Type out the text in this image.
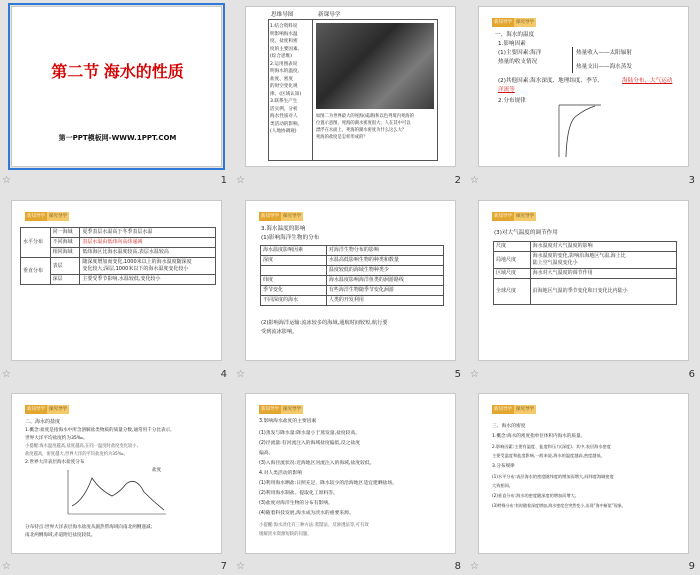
第二节 海水的性质
第一PPT模板网-WWW.1PPT.COM
☆	1
思维导图	新课导学
1.结合资料说
明影响海水温
度、盐度和密
度的主要因素。
(综合思维)
2.运用图表说
明海水的温度、
盐度、密度
的时空变化规
律。(区域认知)
3.联系生产生
活实例，分析
海水性质对人
类活动的影响。
(人地协调观)
如图二为世界最大的死海(咸湖)和以色列境内死海的
位置示意图，死海的湖水密度很大，人在其中可以
漂浮在水面上，死海的湖水密度为什么这么大？
死海的盐度是怎样形成的？
☆	2
新知导学 探究导学
一、海水的温度
1.影响因素
(1)主要因素:海洋
热量的收支情况
热量收入——太阳辐射
热量支出——海水蒸发
(2)其他因素:海水深度、地理纬度、季节、	海陆分布、大气运动
洋流等
2.分布规律
☆	3
新知导学 探究导学
水平分布	同一海域	夏季表层水温高于冬季表层水温
	不同海域	表层水温由低纬向高纬递减
	相同海域	低纬海区比海水温度较高,表层水温较高
垂直分布	表层	随深度增加而变化,1000米以上的海水温度随深度
变化较大;深层,1000米以下的海水温度变化较小
	深层	主要受季节影响,水温较低,变化较小
☆	4
新知导学 探究导学
3.海水温度的影响
(1)影响海洋生物的分布
海水温度影响因素	对海洋生物分布的影响
深度	水温高低影响生物的种类和数量
	温度较低的海域生物种类少
纬度	海水温度影响海洋鱼类的洄游路线
季节变化	有些海洋生物随季节变化洄游
不同深度的海水	人类的开发利用
(2)影响海洋运输:流冰较多的海域,通航时间较短,航行要
受到流冰影响。
☆	5
新知导学 探究导学
(3)对大气温度的调节作用
尺度	海水温度对大气温度的影响
局地尺度	海水温度的变化,影响沿海地区气温,海上比
陆上空气温度变化小
区域尺度	海水对大气温度的调节作用
全球尺度	沿海地区气温的季节变化和日变化比内陆小
☆	6
新知导学 探究导学
二、海水的盐度
1.概念:盐度是指海水中所含溶解盐类物质的质量分数,通常用千分比表示,
世界大洋平均盐度约为35‰。
小提醒:海水温度越高,盐度越高,在同一温度时盐度变化较小,
盐度越高，密度越大,世界大洋的平均盐度约为35‰。
2.世界大洋表层海水盐度分布
盐度
分布特点:世界大洋表层海水盐度从副热带海域向南北两侧递减；
南北两侧海域,赤道附近盐度较低。
☆	7
新知导学 探究导学
3.影响海水盐度的主要因素
(1)蒸发与降水量:降水量小于蒸发量,盐度较高。
(2)径流量:有河流注入的海域盐度偏低,反之盐度
偏高。
(3)入海径流状况:近海地区河流注入的海域,盐度较低。
4.对人类活动的影响
(1)利用海水晒盐:日照充足、降水较少的沿海地区适宜建晒盐场。
(2)利用海水制盐、提取化工原料等。
(3)盐度对海洋生物的分布有影响。
(4)随着科技发展,海水成为淡水的重要来源。
小提醒:海水淡化有三种方法:蒸馏法、反渗透法等,可有效
缓解淡水资源短缺的问题。
☆	8
新知导学 探究导学
三、海水的密度
1.概念:海水的密度指单位体积内海水的质量。
2.影响因素:主要有温度、盐度和压力(深度)。其中,表层海水密度
主要受温度和盐度影响,一般来说,海水的温度越高,密度越低。
3.分布规律
(1)水平分布:表层海水的密度随纬度的增加而增大,同纬度海域密度
大致相同。
(2)垂直分布:海水的密度随深度的增加而增大。
(3)特殊分布:有时随着深度增加,海水密度会突然变小,出现“海中断崖”现象。
☆	9
